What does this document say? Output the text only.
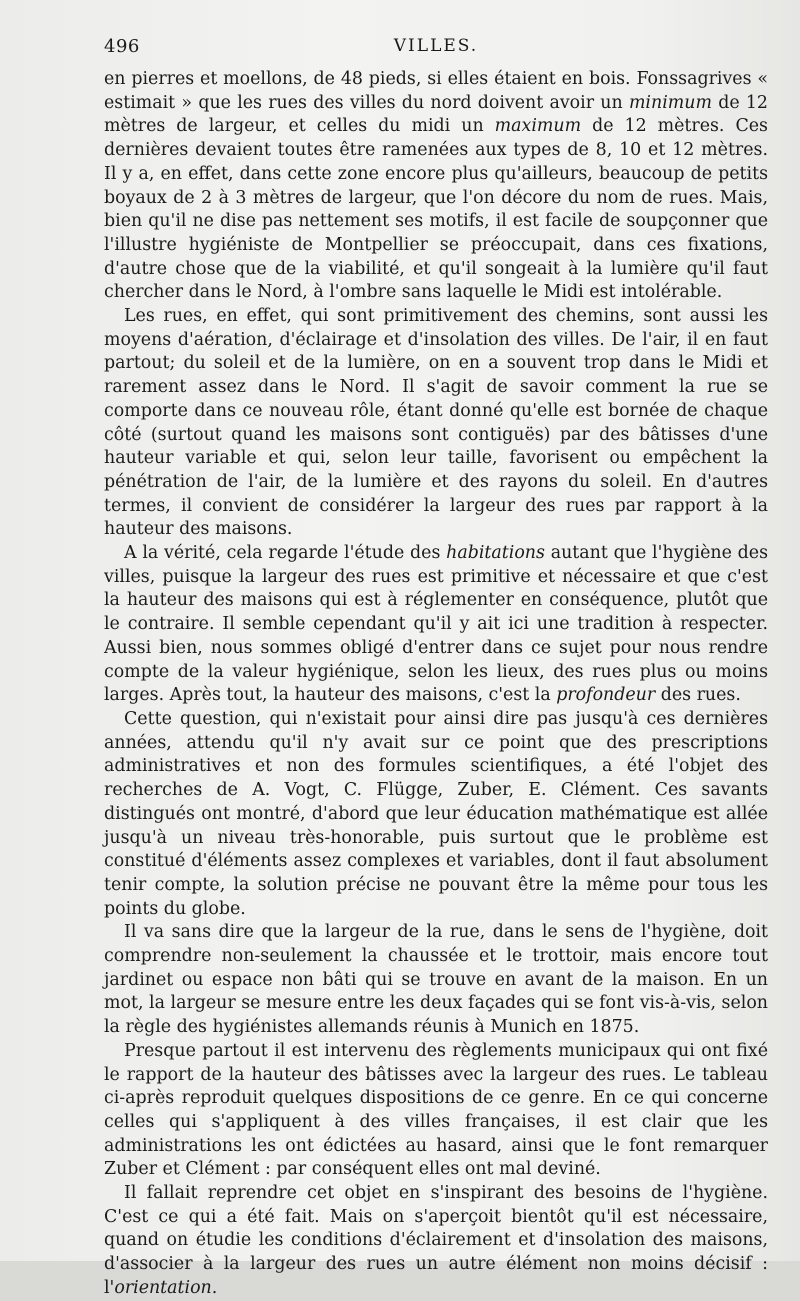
496	VILLES.

en pierres et moellons, de 48 pieds, si elles étaient en bois. Fonssagrives « estimait » que les rues des villes du nord doivent avoir un minimum de 12 mètres de largeur, et celles du midi un maximum de 12 mètres. Ces dernières devaient toutes être ramenées aux types de 8, 10 et 12 mètres. Il y a, en effet, dans cette zone encore plus qu'ailleurs, beaucoup de petits boyaux de 2 à 3 mètres de largeur, que l'on décore du nom de rues. Mais, bien qu'il ne dise pas nettement ses motifs, il est facile de soupçonner que l'illustre hygiéniste de Montpellier se préoccupait, dans ces fixations, d'autre chose que de la viabilité, et qu'il songeait à la lumière qu'il faut chercher dans le Nord, à l'ombre sans laquelle le Midi est intolérable.

Les rues, en effet, qui sont primitivement des chemins, sont aussi les moyens d'aération, d'éclairage et d'insolation des villes. De l'air, il en faut partout; du soleil et de la lumière, on en a souvent trop dans le Midi et rarement assez dans le Nord. Il s'agit de savoir comment la rue se comporte dans ce nouveau rôle, étant donné qu'elle est bornée de chaque côté (surtout quand les maisons sont contiguës) par des bâtisses d'une hauteur variable et qui, selon leur taille, favorisent ou empêchent la pénétration de l'air, de la lumière et des rayons du soleil. En d'autres termes, il convient de considérer la largeur des rues par rapport à la hauteur des maisons.

A la vérité, cela regarde l'étude des habitations autant que l'hygiène des villes, puisque la largeur des rues est primitive et nécessaire et que c'est la hauteur des maisons qui est à réglementer en conséquence, plutôt que le contraire. Il semble cependant qu'il y ait ici une tradition à respecter. Aussi bien, nous sommes obligé d'entrer dans ce sujet pour nous rendre compte de la valeur hygiénique, selon les lieux, des rues plus ou moins larges. Après tout, la hauteur des maisons, c'est la profondeur des rues.

Cette question, qui n'existait pour ainsi dire pas jusqu'à ces dernières années, attendu qu'il n'y avait sur ce point que des prescriptions administratives et non des formules scientifiques, a été l'objet des recherches de A. Vogt, C. Flügge, Zuber, E. Clément. Ces savants distingués ont montré, d'abord que leur éducation mathématique est allée jusqu'à un niveau très-honorable, puis surtout que le problème est constitué d'éléments assez complexes et variables, dont il faut absolument tenir compte, la solution précise ne pouvant être la même pour tous les points du globe.

Il va sans dire que la largeur de la rue, dans le sens de l'hygiène, doit comprendre non-seulement la chaussée et le trottoir, mais encore tout jardinet ou espace non bâti qui se trouve en avant de la maison. En un mot, la largeur se mesure entre les deux façades qui se font vis-à-vis, selon la règle des hygiénistes allemands réunis à Munich en 1875.

Presque partout il est intervenu des règlements municipaux qui ont fixé le rapport de la hauteur des bâtisses avec la largeur des rues. Le tableau ci-après reproduit quelques dispositions de ce genre. En ce qui concerne celles qui s'appliquent à des villes françaises, il est clair que les administrations les ont édictées au hasard, ainsi que le font remarquer Zuber et Clément : par conséquent elles ont mal deviné.

Il fallait reprendre cet objet en s'inspirant des besoins de l'hygiène. C'est ce qui a été fait. Mais on s'aperçoit bientôt qu'il est nécessaire, quand on étudie les conditions d'éclairement et d'insolation des maisons, d'associer à la largeur des rues un autre élément non moins décisif : l'orientation.
